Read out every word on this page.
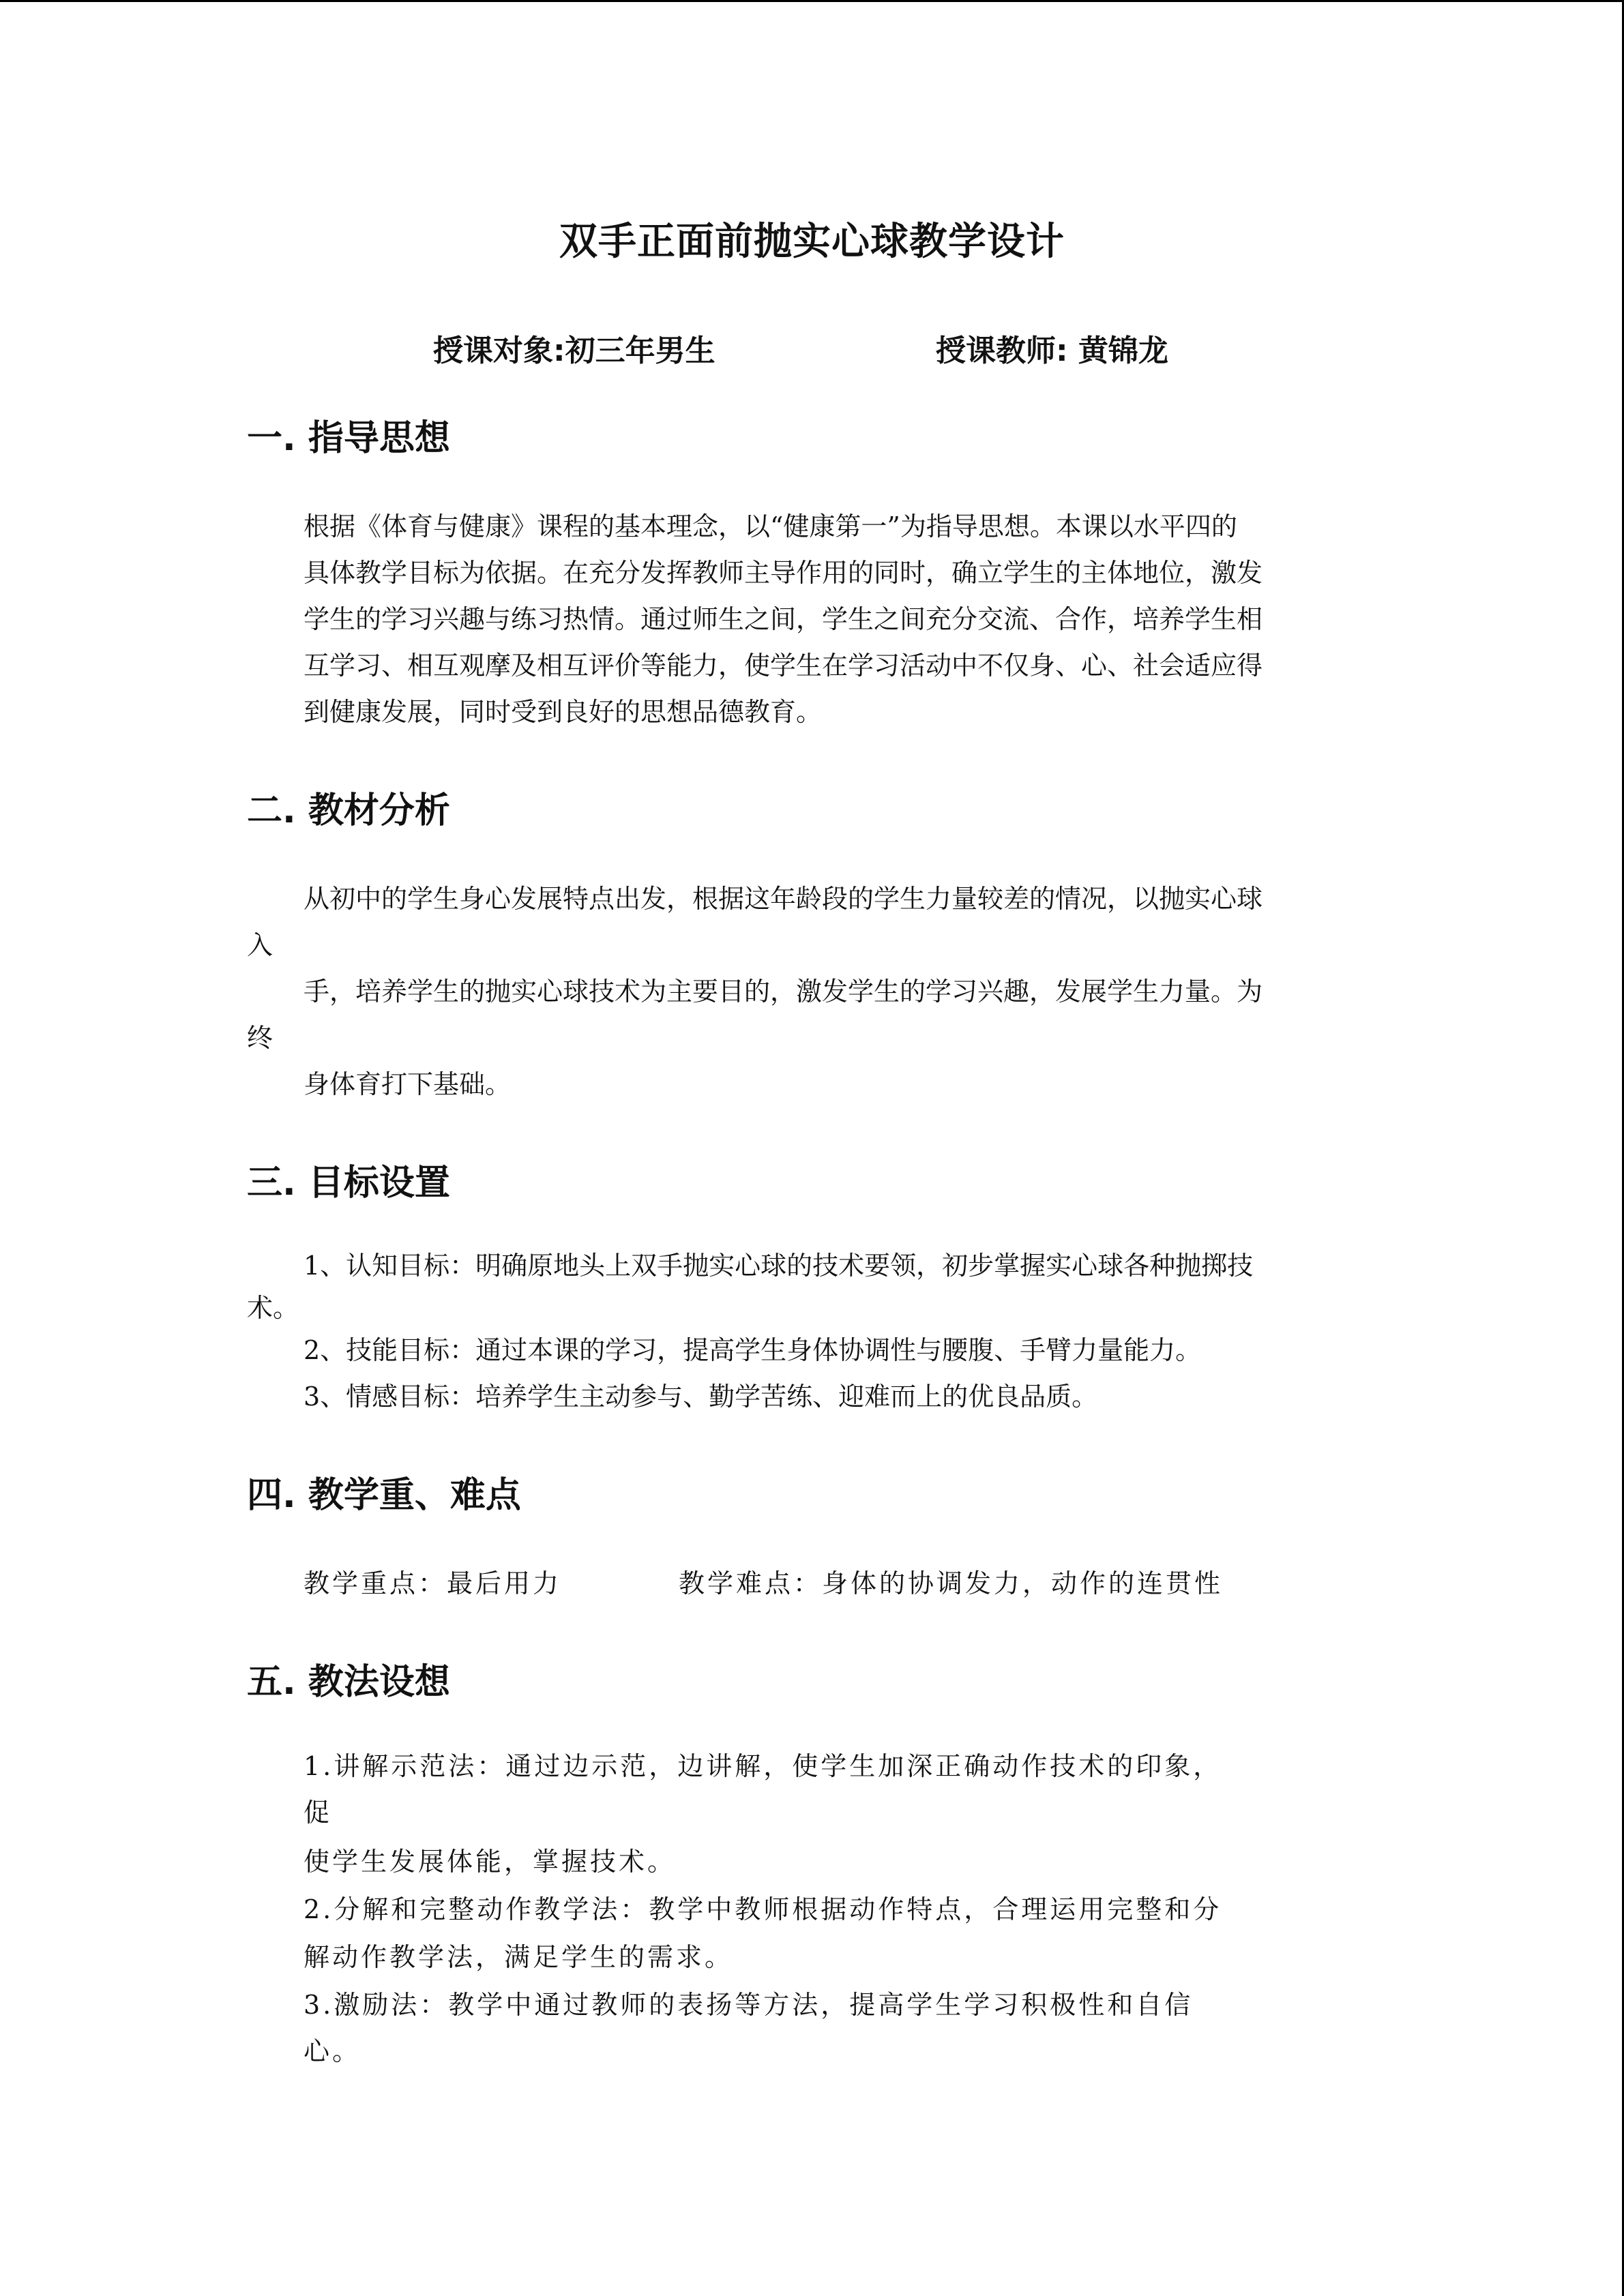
双手正面前抛实心球教学设计
授课对象:初三年男生	授课教师: 黄锦龙
一. 指导思想
根据《体育与健康》课程的基本理念，以“健康第一”为指导思想。本课以水平四的
具体教学目标为依据。在充分发挥教师主导作用的同时，确立学生的主体地位，激发
学生的学习兴趣与练习热情。通过师生之间，学生之间充分交流、合作，培养学生相
互学习、相互观摩及相互评价等能力，使学生在学习活动中不仅身、心、社会适应得
到健康发展，同时受到良好的思想品德教育。
二. 教材分析
从初中的学生身心发展特点出发，根据这年龄段的学生力量较差的情况，以抛实心球
入
手，培养学生的抛实心球技术为主要目的，激发学生的学习兴趣，发展学生力量。为
终
身体育打下基础。
三. 目标设置
1、认知目标：明确原地头上双手抛实心球的技术要领，初步掌握实心球各种抛掷技
术。
2、技能目标：通过本课的学习，提高学生身体协调性与腰腹、手臂力量能力。
3、情感目标：培养学生主动参与、勤学苦练、迎难而上的优良品质。
四. 教学重、难点
教学重点：最后用力	教学难点：身体的协调发力，动作的连贯性
五. 教法设想
1.讲解示范法：通过边示范，边讲解，使学生加深正确动作技术的印象，
促
使学生发展体能，掌握技术。
2.分解和完整动作教学法：教学中教师根据动作特点，合理运用完整和分
解动作教学法，满足学生的需求。
3.激励法：教学中通过教师的表扬等方法，提高学生学习积极性和自信
心。
